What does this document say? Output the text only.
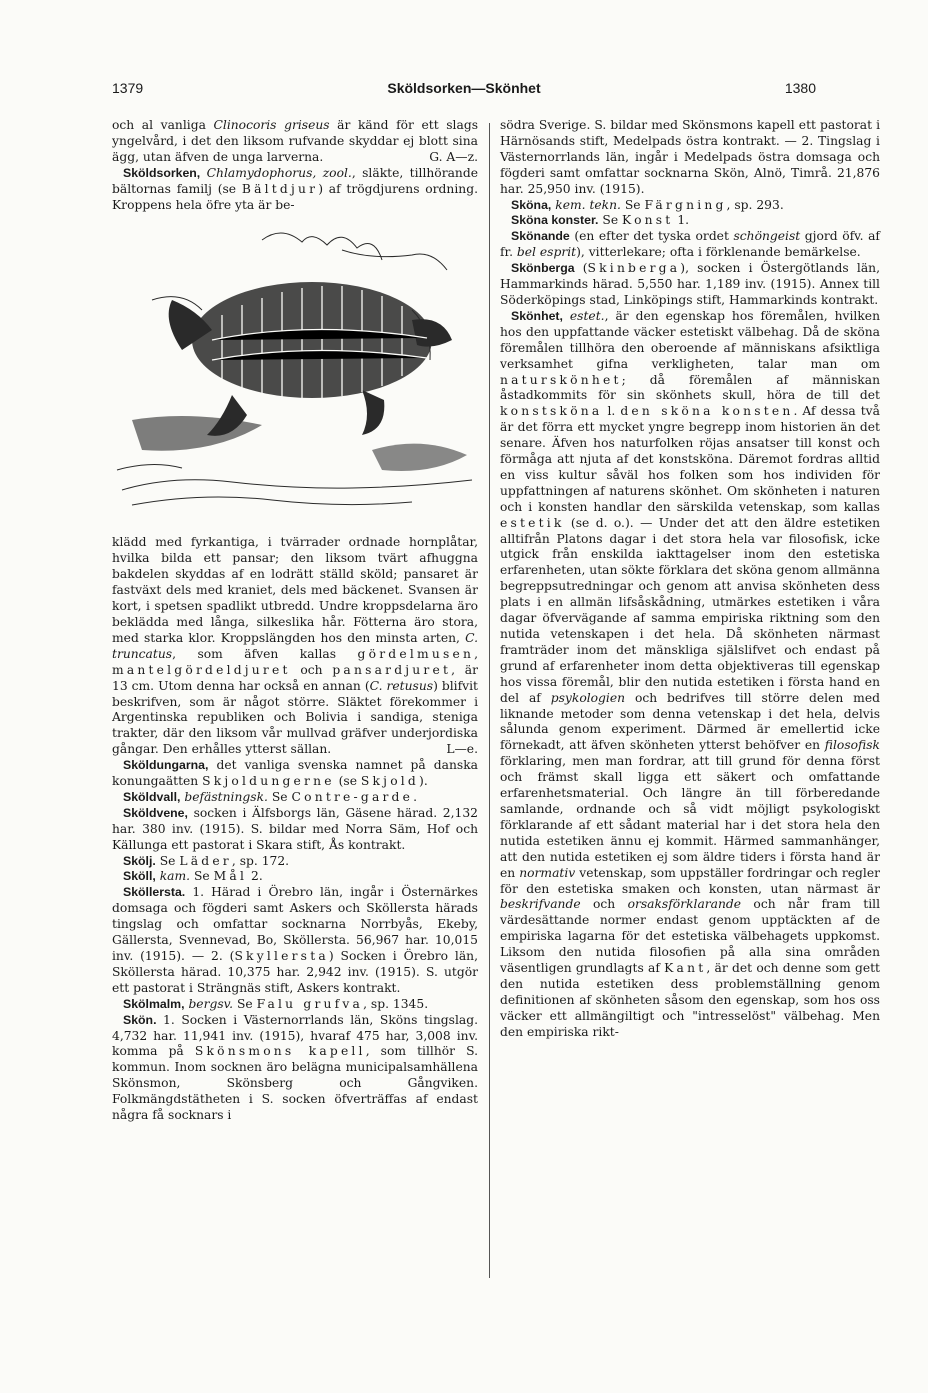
1379	Sköldsorken—Skönhet	1380

och al vanliga Clinocoris griseus är känd för ett slags yngelvård, i det den liksom rufvande skyddar ej blott sina ägg, utan äfven de unga larverna.	G. A—z.

Sköldsorken, Chlamydophorus, zool., släkte, tillhörande bältornas familj (se Bältdjur) af trögdjurens ordning. Kroppens hela öfre yta är be-

klädd med fyrkantiga, i tvärrader ordnade hornplåtar, hvilka bilda ett pansar; den liksom tvärt afhuggna bakdelen skyddas af en lodrätt ställd sköld; pansaret är fastväxt dels med kraniet, dels med bäckenet. Svansen är kort, i spetsen spadlikt utbredd. Undre kroppsdelarna äro beklädda med långa, silkeslika hår. Fötterna äro stora, med starka klor. Kroppslängden hos den minsta arten, C. truncatus, som äfven kallas gördelmusen, mantelgördeldjuret och pansardjuret, är 13 cm. Utom denna har också en annan (C. retusus) blifvit beskrifven, som är något större. Släktet förekommer i Argentinska republiken och Bolivia i sandiga, steniga trakter, där den liksom vår mullvad gräfver underjordiska gångar. Den erhålles ytterst sällan.	L—e.

Sköldungarna, det vanliga svenska namnet på danska konungaätten Skjoldungerne (se Skjold).

Sköldvall, befästningsk. Se Contre-garde.

Sköldvene, socken i Älfsborgs län, Gäsene härad. 2,132 har. 380 inv. (1915). S. bildar med Norra Säm, Hof och Källunga ett pastorat i Skara stift, Ås kontrakt.

Skölj. Se Läder, sp. 172.

Sköll, kam. Se Mål 2.

Sköllersta. 1. Härad i Örebro län, ingår i Östernärkes domsaga och fögderi samt Askers och Sköllersta härads tingslag och omfattar socknarna Norrbyås, Ekeby, Gällersta, Svennevad, Bo, Sköllersta. 56,967 har. 10,015 inv. (1915). — 2. (Skyllersta) Socken i Örebro län, Sköllersta härad. 10,375 har. 2,942 inv. (1915). S. utgör ett pastorat i Strängnäs stift, Askers kontrakt.

Skölmalm, bergsv. Se Falu grufva, sp. 1345.

Skön. 1. Socken i Västernorrlands län, Sköns tingslag. 4,732 har. 11,941 inv. (1915), hvaraf 475 har, 3,008 inv. komma på Skönsmons kapell, som tillhör S. kommun. Inom socknen äro belägna municipalsamhällena Skönsmon, Skönsberg och Gångviken. Folkmängdstätheten i S. socken öfverträffas af endast några få socknars i

södra Sverige. S. bildar med Skönsmons kapell ett pastorat i Härnösands stift, Medelpads östra kontrakt. — 2. Tingslag i Västernorrlands län, ingår i Medelpads östra domsaga och fögderi samt omfattar socknarna Skön, Alnö, Timrå. 21,876 har. 25,950 inv. (1915).

Sköna, kem. tekn. Se Färgning, sp. 293.

Sköna konster. Se Konst 1.

Skönande (en efter det tyska ordet schöngeist gjord öfv. af fr. bel esprit), vitterlekare; ofta i förklenande bemärkelse.

Skönberga (Skinberga), socken i Östergötlands län, Hammarkinds härad. 5,550 har. 1,189 inv. (1915). Annex till Söderköpings stad, Linköpings stift, Hammarkinds kontrakt.

Skönhet, estet., är den egenskap hos föremålen, hvilken hos den uppfattande väcker estetiskt välbehag. Då de sköna föremålen tillhöra den oberoende af människans afsiktliga verksamhet gifna verkligheten, talar man om naturskönhet; då föremålen af människan åstadkommits för sin skönhets skull, höra de till det konstsköna l. den sköna konsten. Af dessa två är det förra ett mycket yngre begrepp inom historien än det senare. Äfven hos naturfolken röjas ansatser till konst och förmåga att njuta af det konstsköna. Däremot fordras alltid en viss kultur såväl hos folken som hos individen för uppfattningen af naturens skönhet. Om skönheten i naturen och i konsten handlar den särskilda vetenskap, som kallas estetik (se d. o.). — Under det att den äldre estetiken alltifrån Platons dagar i det stora hela var filosofisk, icke utgick från enskilda iakttagelser inom den estetiska erfarenheten, utan sökte förklara det sköna genom allmänna begreppsutredningar och genom att anvisa skönheten dess plats i en allmän lifsåskådning, utmärkes estetiken i våra dagar öfvervägande af samma empiriska riktning som den nutida vetenskapen i det hela. Då skönheten närmast framträder inom det mänskliga själslifvet och endast på grund af erfarenheter inom detta objektiveras till egenskap hos vissa föremål, blir den nutida estetiken i första hand en del af psykologien och bedrifves till större delen med liknande metoder som denna vetenskap i det hela, delvis sålunda genom experiment. Därmed är emellertid icke förnekadt, att äfven skönheten ytterst behöfver en filosofisk förklaring, men man fordrar, att till grund för denna först och främst skall ligga ett säkert och omfattande erfarenhetsmaterial. Och längre än till förberedande samlande, ordnande och så vidt möjligt psykologiskt förklarande af ett sådant material har i det stora hela den nutida estetiken ännu ej kommit. Härmed sammanhänger, att den nutida estetiken ej som äldre tiders i första hand är en normativ vetenskap, som uppställer fordringar och regler för den estetiska smaken och konsten, utan närmast är beskrifvande och orsaksförklarande och når fram till värdesättande normer endast genom upptäckten af de empiriska lagarna för det estetiska välbehagets uppkomst. Liksom den nutida filosofien på alla sina områden väsentligen grundlagts af Kant, är det och denne som gett den nutida estetiken dess problemställning genom definitionen af skönheten såsom den egenskap, som hos oss väcker ett allmängiltigt och "intresselöst" välbehag. Men den empiriska rikt-
